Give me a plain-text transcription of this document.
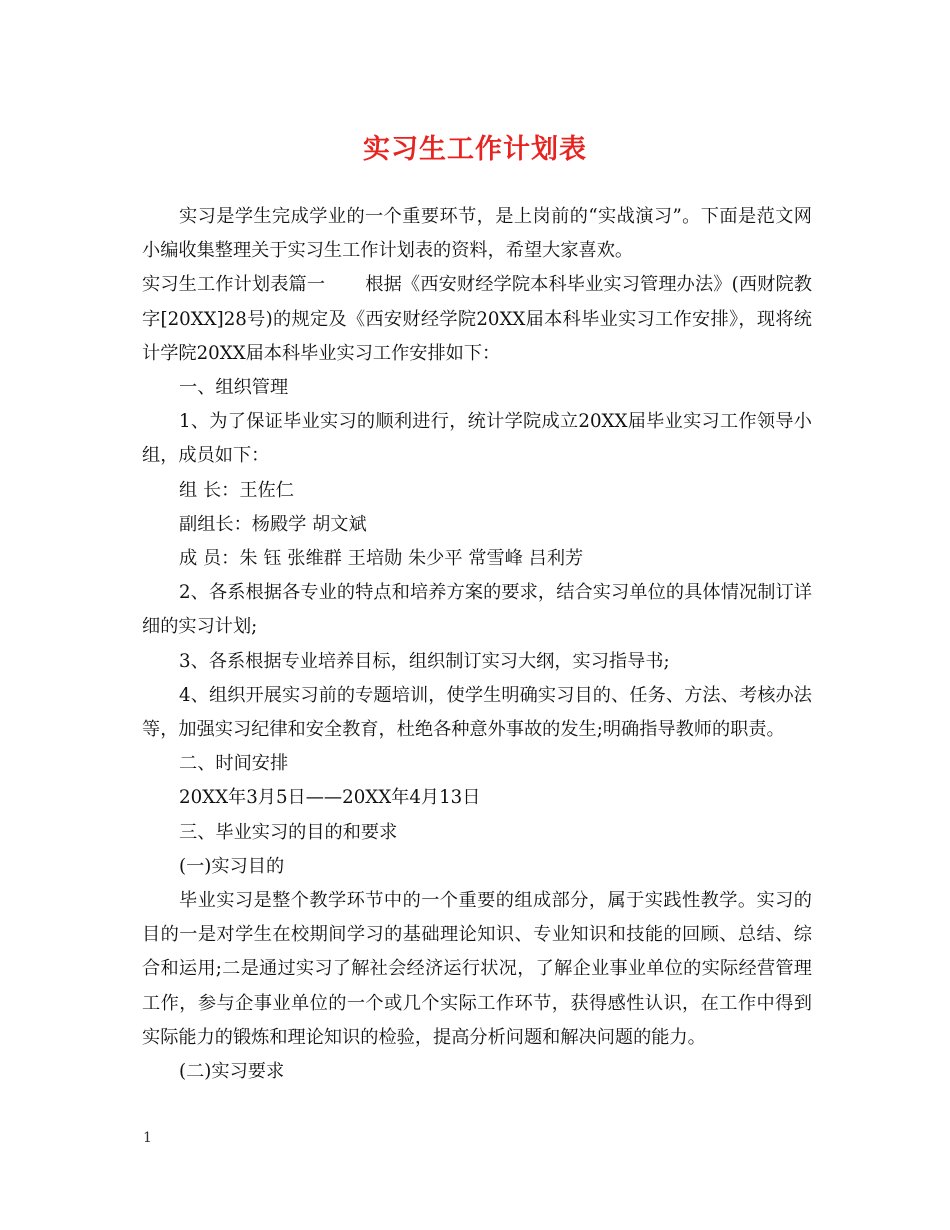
实习生工作计划表

实习是学生完成学业的一个重要环节，是上岗前的“实战演习”。下面是范文网小编收集整理关于实习生工作计划表的资料，希望大家喜欢。

实习生工作计划表篇一 根据《西安财经学院本科毕业实习管理办法》(西财院教字[20XX]28号)的规定及《西安财经学院20XX届本科毕业实习工作安排》，现将统计学院20XX届本科毕业实习工作安排如下：

一、组织管理

1、为了保证毕业实习的顺利进行，统计学院成立20XX届毕业实习工作领导小组，成员如下：

组 长：王佐仁

副组长：杨殿学 胡文斌

成 员：朱 钰 张维群 王培勋 朱少平 常雪峰 吕利芳

2、各系根据各专业的特点和培养方案的要求，结合实习单位的具体情况制订详细的实习计划;

3、各系根据专业培养目标，组织制订实习大纲，实习指导书;

4、组织开展实习前的专题培训，使学生明确实习目的、任务、方法、考核办法等，加强实习纪律和安全教育，杜绝各种意外事故的发生;明确指导教师的职责。

二、时间安排

20XX年3月5日——20XX年4月13日

三、毕业实习的目的和要求

(一)实习目的

毕业实习是整个教学环节中的一个重要的组成部分，属于实践性教学。实习的目的一是对学生在校期间学习的基础理论知识、专业知识和技能的回顾、总结、综合和运用;二是通过实习了解社会经济运行状况，了解企业事业单位的实际经营管理工作，参与企事业单位的一个或几个实际工作环节，获得感性认识，在工作中得到实际能力的锻炼和理论知识的检验，提高分析问题和解决问题的能力。

(二)实习要求

1
